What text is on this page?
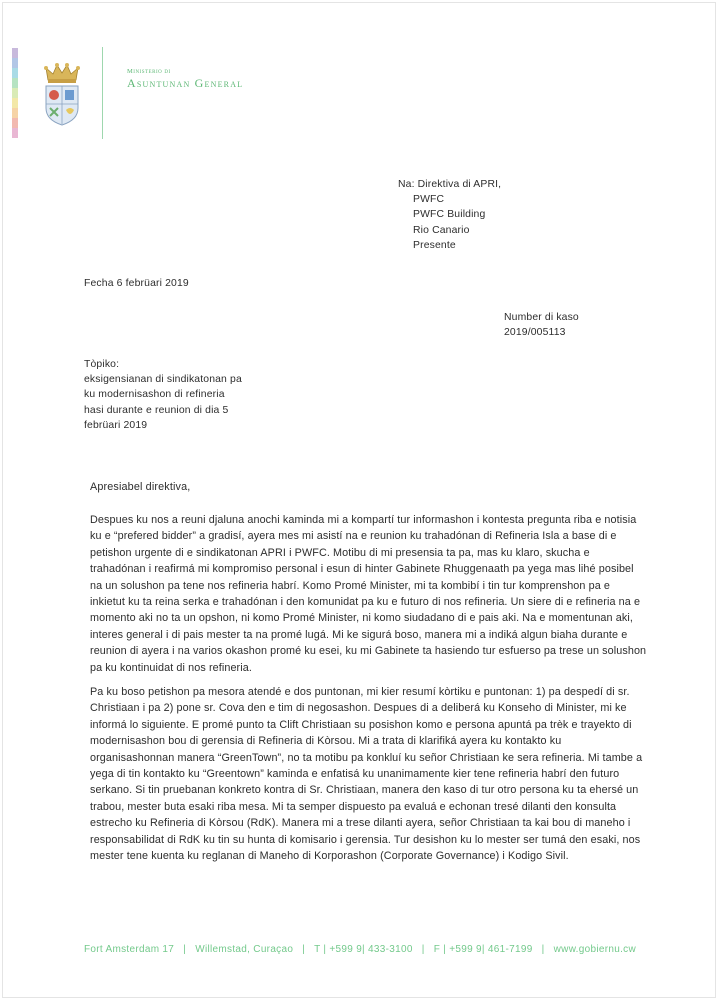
Ministerio di
Asuntunan General
Na: Direktiva di APRI,
PWFC
PWFC Building
Rio Canario
Presente
Fecha 6 febrüari 2019
Number di kaso
2019/005113
Tòpiko:
eksigensianan di sindikatonan pa
ku modernisashon di refineria
hasi durante e reunion di dia 5
febrüari 2019
Apresiabel direktiva,

Despues ku nos a reuni djaluna anochi kaminda mi a kompartí tur informashon i kontesta pregunta riba e notisia ku e “prefered bidder” a gradisí, ayera mes mi asistí na e reunion ku trahadónan di Refineria Isla a base di e petishon urgente di e sindikatonan APRI i PWFC. Motibu di mi presensia ta pa, mas ku klaro, skucha e trahadónan i reafirmá mi kompromiso personal i esun di hinter Gabinete Rhuggenaath pa yega mas lihé posibel na un solushon pa tene nos refineria habrí. Komo Promé Minister, mi ta kombibí i tin tur komprenshon pa e inkietut ku ta reina serka e trahadónan i den komunidat pa ku e futuro di nos refineria. Un siere di e refineria na e momento aki no ta un opshon, ni komo Promé Minister, ni komo siudadano di e pais aki. Na e momentunan aki, interes general i di pais mester ta na promé lugá. Mi ke sigurá boso, manera mi a indiká algun biaha durante e reunion di ayera i na varios okashon promé ku esei, ku mi Gabinete ta hasiendo tur esfuerso pa trese un solushon pa ku kontinuidat di nos refineria.

Pa ku boso petishon pa mesora atendé e dos puntonan, mi kier resumí kòrtiku e puntonan: 1) pa despedí di sr. Christiaan i pa 2) pone sr. Cova den e tim di negosashon. Despues di a deliberá ku Konseho di Minister, mi ke informá lo siguiente. E promé punto ta Clift Christiaan su posishon komo e persona apuntá pa trèk e trayekto di modernisashon bou di gerensia di Refineria di Kòrsou. Mi a trata di klarifiká ayera ku kontakto ku organisashonnan manera “GreenTown”, no ta motibu pa konkluí ku señor Christiaan ke sera refineria. Mi tambe a yega di tin kontakto ku “Greentown” kaminda e enfatisá ku unanimamente kier tene refineria habrí den futuro serkano. Si tin pruebanan konkreto kontra di Sr. Christiaan, manera den kaso di tur otro persona ku ta ehersé un trabou, mester buta esaki riba mesa. Mi ta semper dispuesto pa evaluá e echonan tresé dilanti den konsulta estrecho ku Refineria di Kòrsou (RdK). Manera mi a trese dilanti ayera, señor Christiaan ta kai bou di maneho i responsabilidat di RdK ku tin su hunta di komisario i gerensia. Tur desishon ku lo mester ser tumá den esaki, nos mester tene kuenta ku reglanan di Maneho di Korporashon (Corporate Governance) i Kodigo Sivil.

Fort Amsterdam 17 | Willemstad, Curaçao | T | +599 9| 433-3100 | F | +599 9| 461-7199 | www.gobiernu.cw
